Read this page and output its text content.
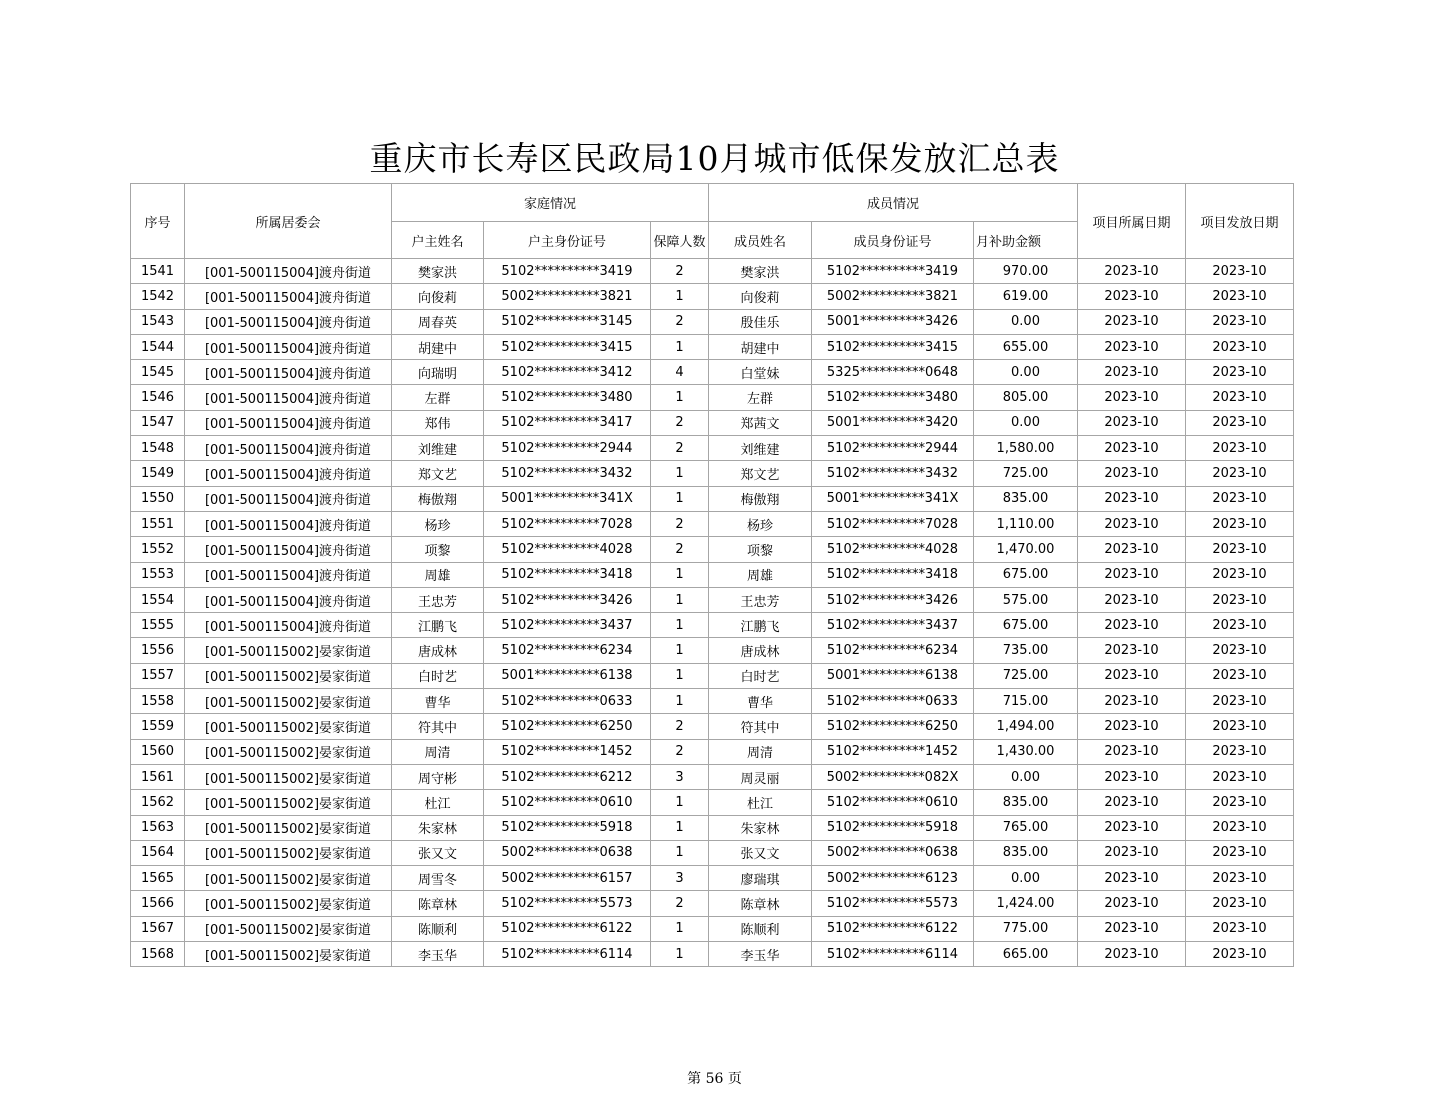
重庆市长寿区民政局10月城市低保发放汇总表
序号	所属居委会	家庭情况			成员情况			项目所属日期	项目发放日期
		户主姓名	户主身份证号	保障人数	成员姓名	成员身份证号	月补助金额		
1541	[001-500115004]渡舟街道	樊家洪	5102**********3419	2	樊家洪	5102**********3419	970.00	2023-10	2023-10
1542	[001-500115004]渡舟街道	向俊莉	5002**********3821	1	向俊莉	5002**********3821	619.00	2023-10	2023-10
1543	[001-500115004]渡舟街道	周春英	5102**********3145	2	殷佳乐	5001**********3426	0.00	2023-10	2023-10
1544	[001-500115004]渡舟街道	胡建中	5102**********3415	1	胡建中	5102**********3415	655.00	2023-10	2023-10
1545	[001-500115004]渡舟街道	向瑞明	5102**********3412	4	白堂妹	5325**********0648	0.00	2023-10	2023-10
1546	[001-500115004]渡舟街道	左群	5102**********3480	1	左群	5102**********3480	805.00	2023-10	2023-10
1547	[001-500115004]渡舟街道	郑伟	5102**********3417	2	郑茜文	5001**********3420	0.00	2023-10	2023-10
1548	[001-500115004]渡舟街道	刘维建	5102**********2944	2	刘维建	5102**********2944	1,580.00	2023-10	2023-10
1549	[001-500115004]渡舟街道	郑文艺	5102**********3432	1	郑文艺	5102**********3432	725.00	2023-10	2023-10
1550	[001-500115004]渡舟街道	梅傲翔	5001**********341X	1	梅傲翔	5001**********341X	835.00	2023-10	2023-10
1551	[001-500115004]渡舟街道	杨珍	5102**********7028	2	杨珍	5102**********7028	1,110.00	2023-10	2023-10
1552	[001-500115004]渡舟街道	项黎	5102**********4028	2	项黎	5102**********4028	1,470.00	2023-10	2023-10
1553	[001-500115004]渡舟街道	周雄	5102**********3418	1	周雄	5102**********3418	675.00	2023-10	2023-10
1554	[001-500115004]渡舟街道	王忠芳	5102**********3426	1	王忠芳	5102**********3426	575.00	2023-10	2023-10
1555	[001-500115004]渡舟街道	江鹏飞	5102**********3437	1	江鹏飞	5102**********3437	675.00	2023-10	2023-10
1556	[001-500115002]晏家街道	唐成林	5102**********6234	1	唐成林	5102**********6234	735.00	2023-10	2023-10
1557	[001-500115002]晏家街道	白时艺	5001**********6138	1	白时艺	5001**********6138	725.00	2023-10	2023-10
1558	[001-500115002]晏家街道	曹华	5102**********0633	1	曹华	5102**********0633	715.00	2023-10	2023-10
1559	[001-500115002]晏家街道	符其中	5102**********6250	2	符其中	5102**********6250	1,494.00	2023-10	2023-10
1560	[001-500115002]晏家街道	周清	5102**********1452	2	周清	5102**********1452	1,430.00	2023-10	2023-10
1561	[001-500115002]晏家街道	周守彬	5102**********6212	3	周灵丽	5002**********082X	0.00	2023-10	2023-10
1562	[001-500115002]晏家街道	杜江	5102**********0610	1	杜江	5102**********0610	835.00	2023-10	2023-10
1563	[001-500115002]晏家街道	朱家林	5102**********5918	1	朱家林	5102**********5918	765.00	2023-10	2023-10
1564	[001-500115002]晏家街道	张又文	5002**********0638	1	张又文	5002**********0638	835.00	2023-10	2023-10
1565	[001-500115002]晏家街道	周雪冬	5002**********6157	3	廖瑞琪	5002**********6123	0.00	2023-10	2023-10
1566	[001-500115002]晏家街道	陈章林	5102**********5573	2	陈章林	5102**********5573	1,424.00	2023-10	2023-10
1567	[001-500115002]晏家街道	陈顺利	5102**********6122	1	陈顺利	5102**********6122	775.00	2023-10	2023-10
1568	[001-500115002]晏家街道	李玉华	5102**********6114	1	李玉华	5102**********6114	665.00	2023-10	2023-10
第 56 页
